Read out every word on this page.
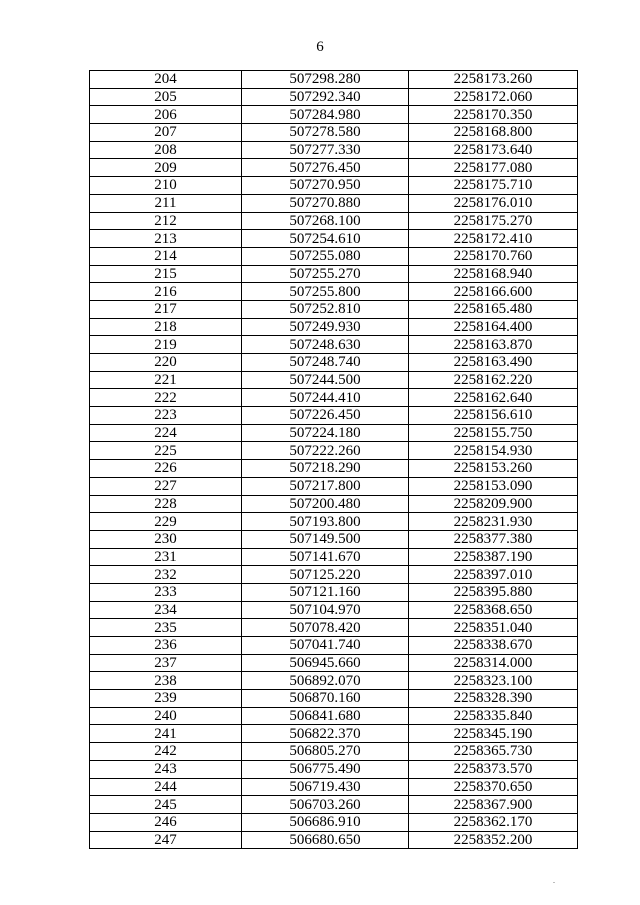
6
204	507298.280	2258173.260
205	507292.340	2258172.060
206	507284.980	2258170.350
207	507278.580	2258168.800
208	507277.330	2258173.640
209	507276.450	2258177.080
210	507270.950	2258175.710
211	507270.880	2258176.010
212	507268.100	2258175.270
213	507254.610	2258172.410
214	507255.080	2258170.760
215	507255.270	2258168.940
216	507255.800	2258166.600
217	507252.810	2258165.480
218	507249.930	2258164.400
219	507248.630	2258163.870
220	507248.740	2258163.490
221	507244.500	2258162.220
222	507244.410	2258162.640
223	507226.450	2258156.610
224	507224.180	2258155.750
225	507222.260	2258154.930
226	507218.290	2258153.260
227	507217.800	2258153.090
228	507200.480	2258209.900
229	507193.800	2258231.930
230	507149.500	2258377.380
231	507141.670	2258387.190
232	507125.220	2258397.010
233	507121.160	2258395.880
234	507104.970	2258368.650
235	507078.420	2258351.040
236	507041.740	2258338.670
237	506945.660	2258314.000
238	506892.070	2258323.100
239	506870.160	2258328.390
240	506841.680	2258335.840
241	506822.370	2258345.190
242	506805.270	2258365.730
243	506775.490	2258373.570
244	506719.430	2258370.650
245	506703.260	2258367.900
246	506686.910	2258362.170
247	506680.650	2258352.200
